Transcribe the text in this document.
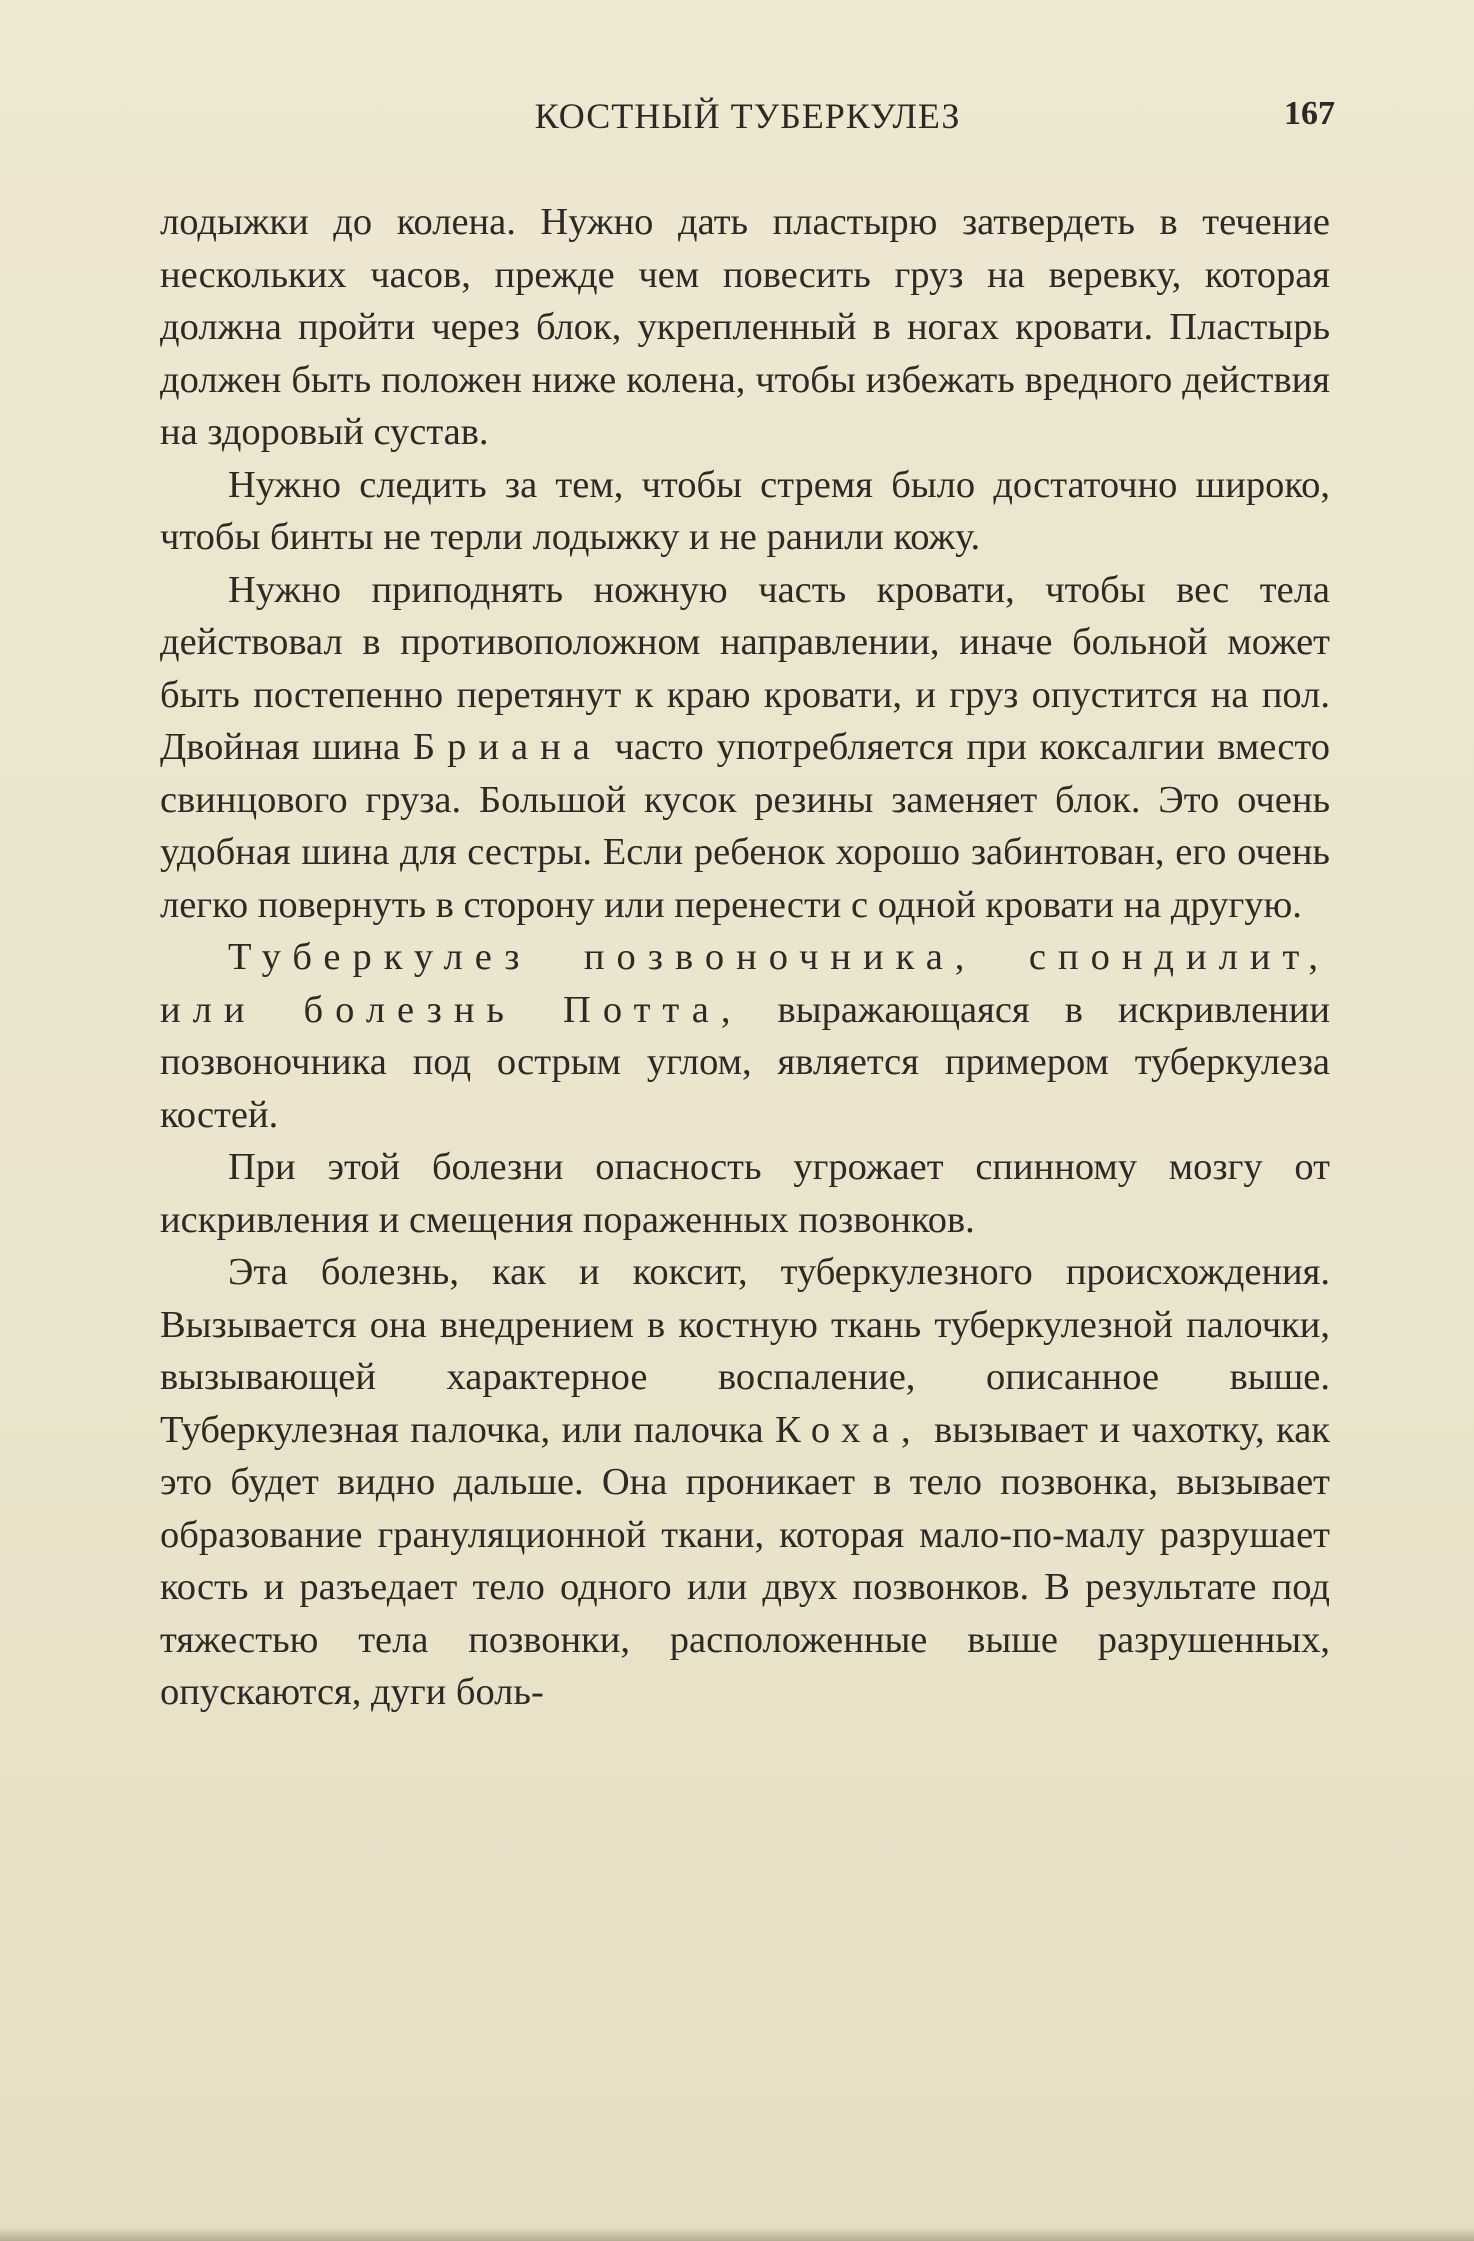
КОСТНЫЙ ТУБЕРКУЛЕЗ	167

лодыжки до колена. Нужно дать пластырю затвердеть в течение нескольких часов, прежде чем повесить груз на веревку, которая должна пройти через блок, укрепленный в ногах кровати. Пластырь должен быть положен ниже колена, чтобы избежать вредного действия на здоровый сустав.

Нужно следить за тем, чтобы стремя было достаточно широко, чтобы бинты не терли лодыжку и не ранили кожу.

Нужно приподнять ножную часть кровати, чтобы вес тела действовал в противоположном направлении, иначе больной может быть постепенно перетянут к краю кровати, и груз опустится на пол. Двойная шина Бриана часто употребляется при коксалгии вместо свинцового груза. Большой кусок резины заменяет блок. Это очень удобная шина для сестры. Если ребенок хорошо забинтован, его очень легко повернуть в сторону или перенести с одной кровати на другую.

Туберкулез позвоночника, спондилит, или болезнь Потта, выражающаяся в искривлении позвоночника под острым углом, является примером туберкулеза костей.

При этой болезни опасность угрожает спинному мозгу от искривления и смещения пораженных позвонков.

Эта болезнь, как и коксит, туберкулезного происхождения. Вызывается она внедрением в костную ткань туберкулезной палочки, вызывающей характерное воспаление, описанное выше. Туберкулезная палочка, или палочка Коха, вызывает и чахотку, как это будет видно дальше. Она проникает в тело позвонка, вызывает образование грануляционной ткани, которая мало-по-малу разрушает кость и разъедает тело одного или двух позвонков. В результате под тяжестью тела позвонки, расположенные выше разрушенных, опускаются, дуги боль-
